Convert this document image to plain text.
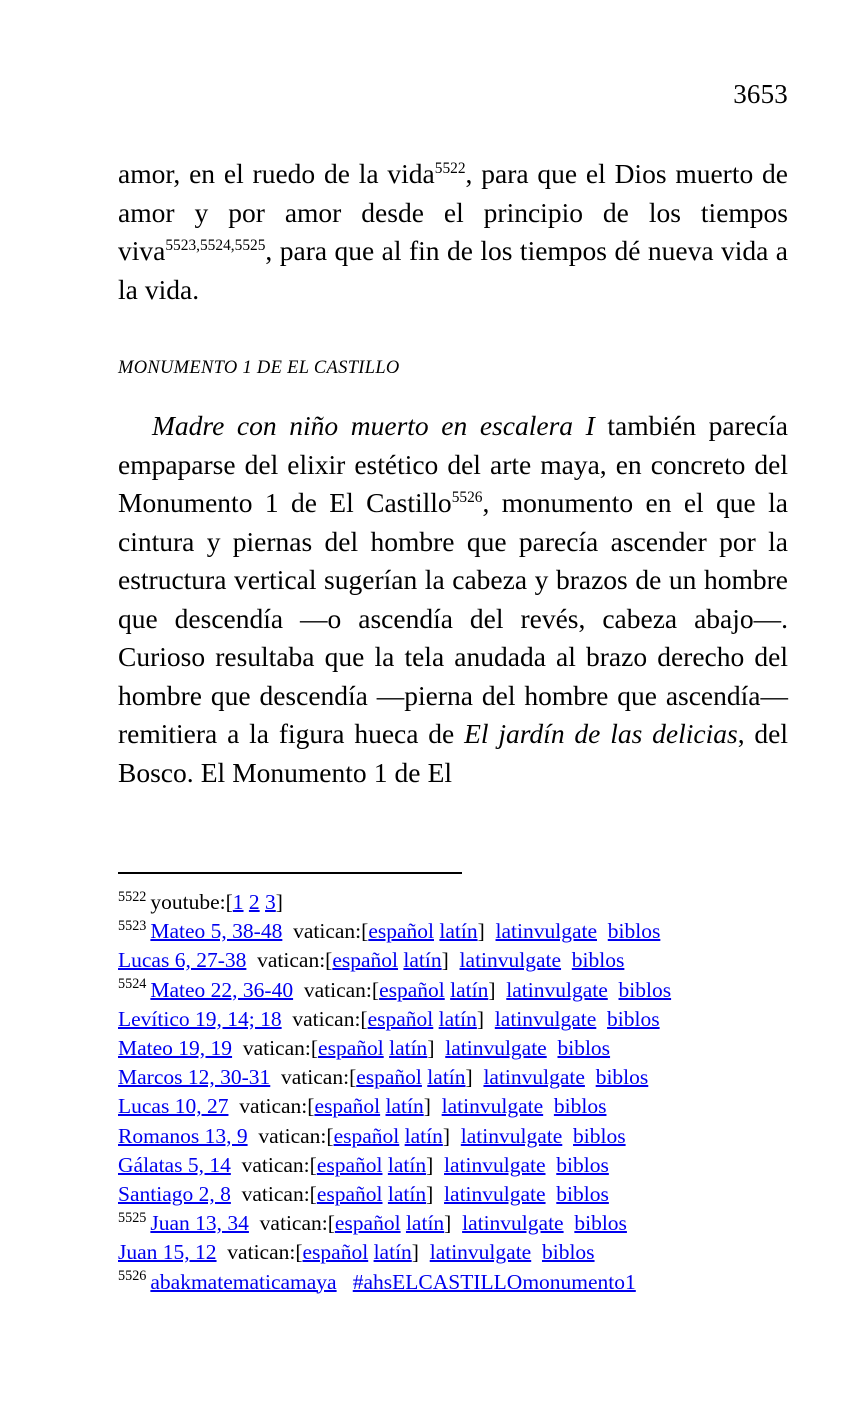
3653

amor, en el ruedo de la vida$^{5522}$, para que el Dios muerto de amor y por amor desde el principio de los tiempos viva$^{5523,5524,5525}$, para que al fin de los tiempos dé nueva vida a la vida.

MONUMENTO 1 DE EL CASTILLO

Madre con niño muerto en escalera I también parecía empaparse del elixir estético del arte maya, en concreto del Monumento 1 de El Castillo$^{5526}$, monumento en el que la cintura y piernas del hombre que parecía ascender por la estructura vertical sugerían la cabeza y brazos de un hombre que descendía —o ascendía del revés, cabeza abajo—. Curioso resultaba que la tela anudada al brazo derecho del hombre que descendía —pierna del hombre que ascendía— remitiera a la figura hueca de El jardín de las delicias, del Bosco. El Monumento 1 de El

$^{5522}$ youtube:[1 2 3]
$^{5523}$ Mateo 5, 38-48 vatican:[español latín] latinvulgate biblos
Lucas 6, 27-38 vatican:[español latín] latinvulgate biblos
$^{5524}$ Mateo 22, 36-40 vatican:[español latín] latinvulgate biblos
Levítico 19, 14; 18 vatican:[español latín] latinvulgate biblos
Mateo 19, 19 vatican:[español latín] latinvulgate biblos
Marcos 12, 30-31 vatican:[español latín] latinvulgate biblos
Lucas 10, 27 vatican:[español latín] latinvulgate biblos
Romanos 13, 9 vatican:[español latín] latinvulgate biblos
Gálatas 5, 14 vatican:[español latín] latinvulgate biblos
Santiago 2, 8 vatican:[español latín] latinvulgate biblos
$^{5525}$ Juan 13, 34 vatican:[español latín] latinvulgate biblos
Juan 15, 12 vatican:[español latín] latinvulgate biblos
$^{5526}$ abakmatematicamaya #ahsELCASTILLOmonumento1
